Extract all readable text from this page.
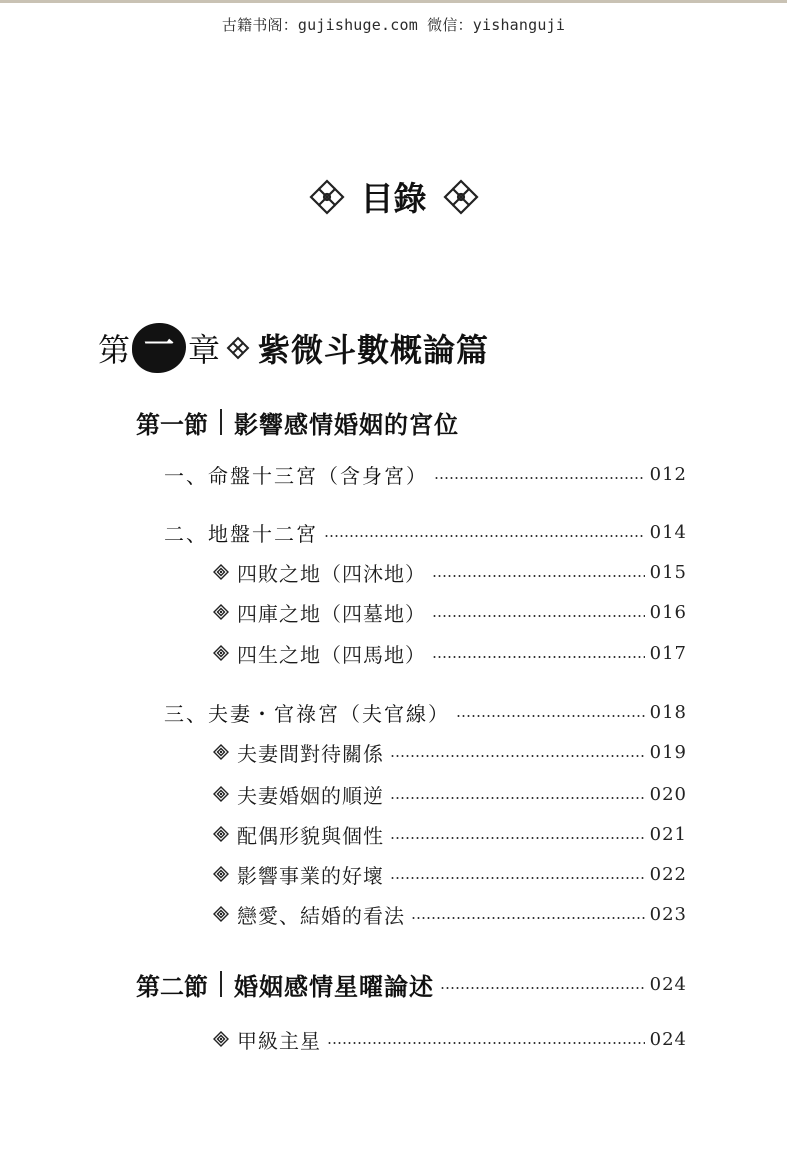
古籍书阁：gujishuge.com 微信：yishanguji
目錄
第 一 章 紫微斗數概論篇
第一節 影響感情婚姻的宮位
一、命盤十三宮（含身宮）	012
二、地盤十二宮	014
四敗之地（四沐地）	015
四庫之地（四墓地）	016
四生之地（四馬地）	017
三、夫妻・官祿宮（夫官線）	018
夫妻間對待關係	019
夫妻婚姻的順逆	020
配偶形貌與個性	021
影響事業的好壞	022
戀愛、結婚的看法	023
第二節 婚姻感情星曜論述	024
甲級主星	024
